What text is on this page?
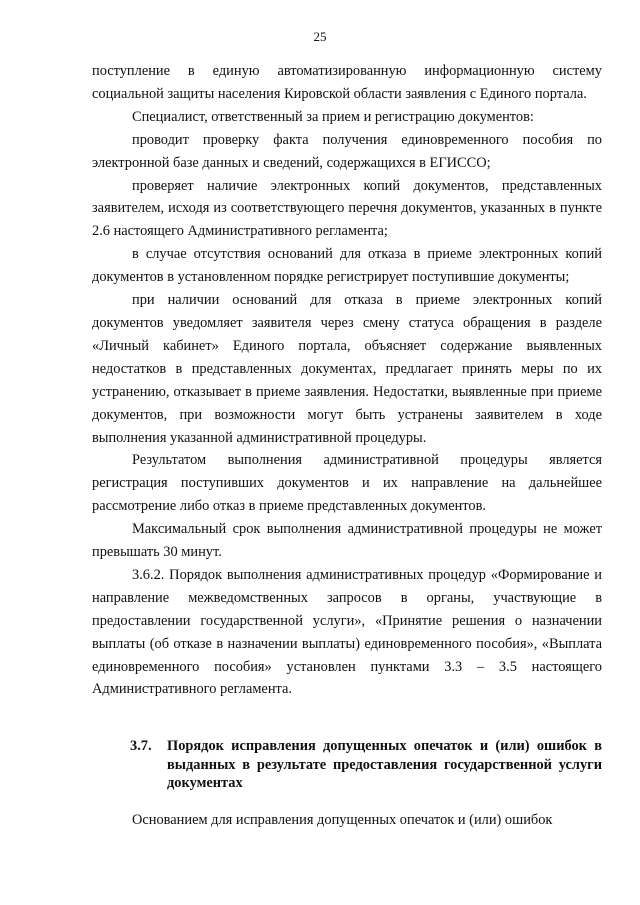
25

поступление в единую автоматизированную информационную систему социальной защиты населения Кировской области заявления с Единого портала.

Специалист, ответственный за прием и регистрацию документов:

проводит проверку факта получения единовременного пособия по электронной базе данных и сведений, содержащихся в ЕГИССО;

проверяет наличие электронных копий документов, представленных заявителем, исходя из соответствующего перечня документов, указанных в пункте 2.6 настоящего Административного регламента;

в случае отсутствия оснований для отказа в приеме электронных копий документов в установленном порядке регистрирует поступившие документы;

при наличии оснований для отказа в приеме электронных копий документов уведомляет заявителя через смену статуса обращения в разделе «Личный кабинет» Единого портала, объясняет содержание выявленных недостатков в представленных документах, предлагает принять меры по их устранению, отказывает в приеме заявления. Недостатки, выявленные при приеме документов, при возможности могут быть устранены заявителем в ходе выполнения указанной административной процедуры.

Результатом выполнения административной процедуры является регистрация поступивших документов и их направление на дальнейшее рассмотрение либо отказ в приеме представленных документов.

Максимальный срок выполнения административной процедуры не может превышать 30 минут.

3.6.2. Порядок выполнения административных процедур «Формирование и направление межведомственных запросов в органы, участвующие в предоставлении государственной услуги», «Принятие решения о назначении выплаты (об отказе в назначении выплаты) единовременного пособия», «Выплата единовременного пособия» установлен пунктами 3.3 – 3.5 настоящего Административного регламента.

3.7. Порядок исправления допущенных опечаток и (или) ошибок в выданных в результате предоставления государственной услуги документах
Основанием для исправления допущенных опечаток и (или) ошибок
